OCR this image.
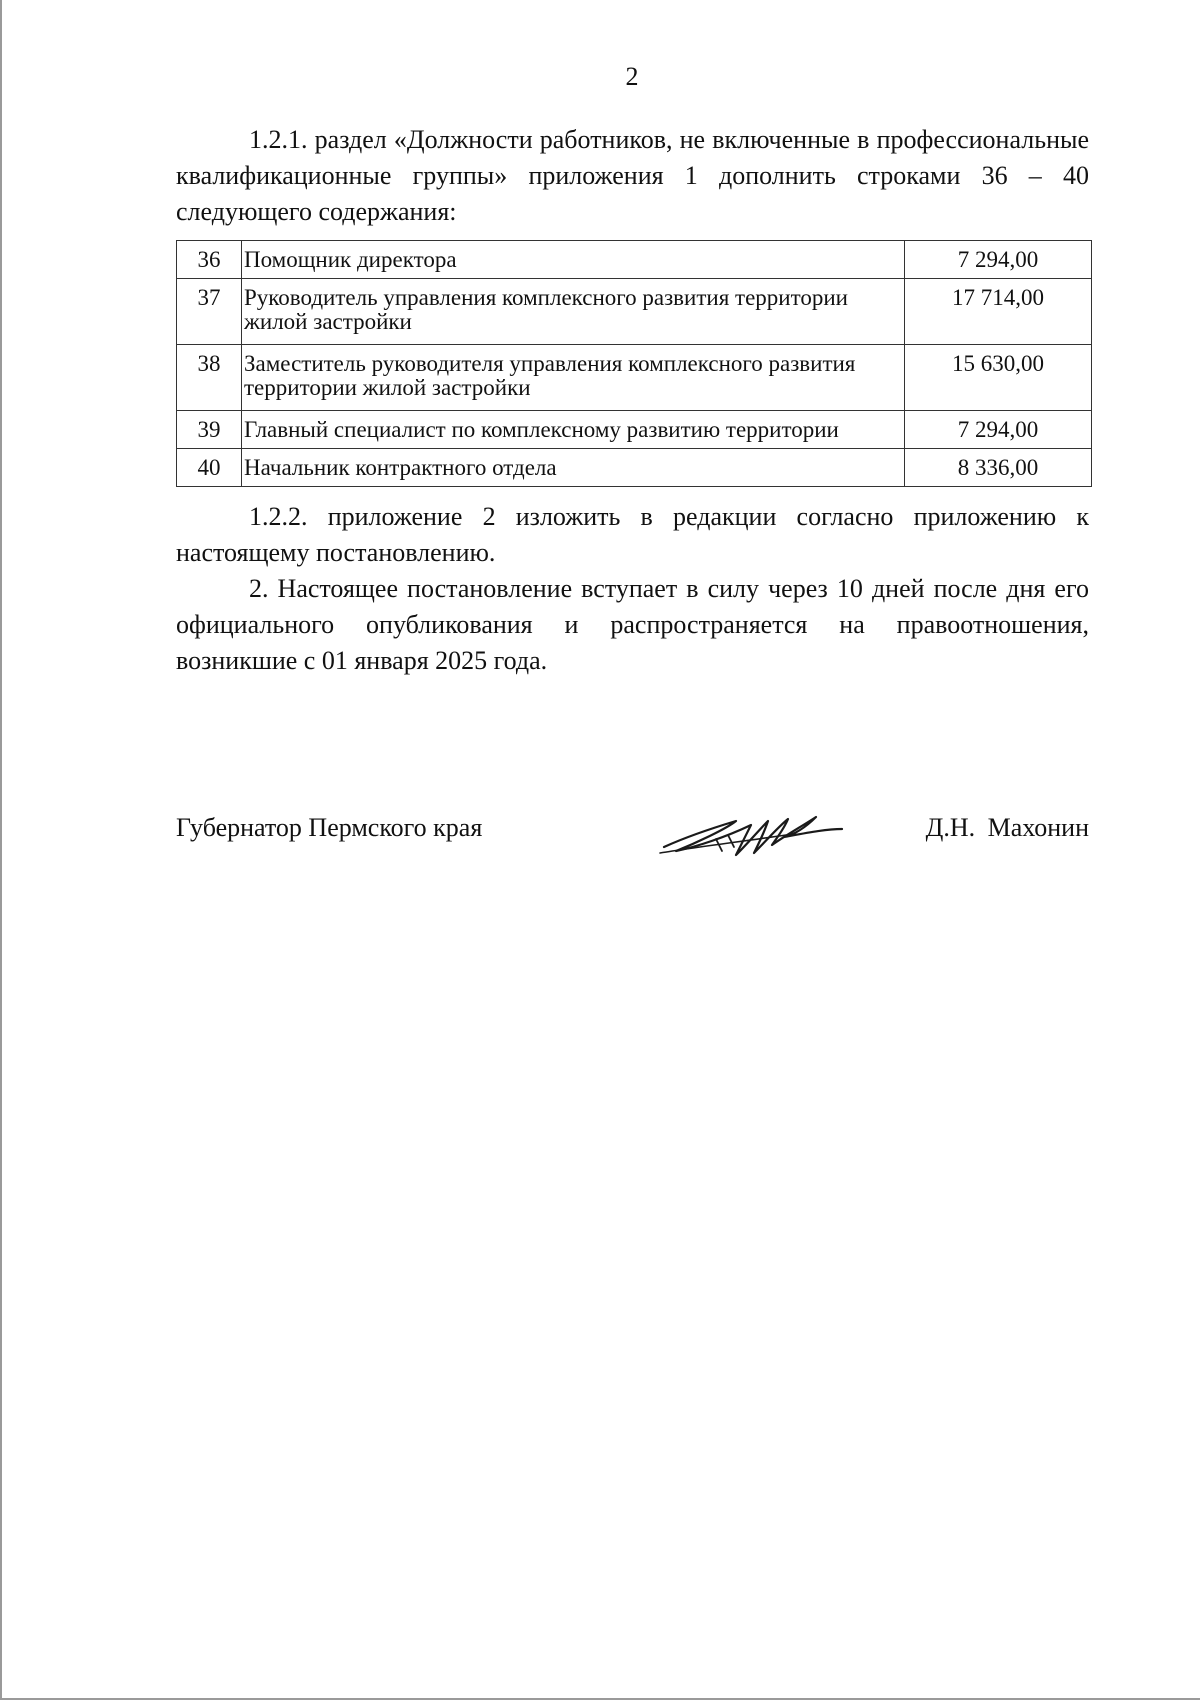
2

1.2.1. раздел «Должности работников, не включенные в профессиональные квалификационные группы» приложения 1 дополнить строками 36 – 40 следующего содержания:

36	Помощник директора	7 294,00
37	Руководитель управления комплексного развития территории жилой застройки	17 714,00
38	Заместитель руководителя управления комплексного развития территории жилой застройки	15 630,00
39	Главный специалист по комплексному развитию территории	7 294,00
40	Начальник контрактного отдела	8 336,00

1.2.2. приложение 2 изложить в редакции согласно приложению к настоящему постановлению.

2. Настоящее постановление вступает в силу через 10 дней после дня его официального опубликования и распространяется на правоотношения, возникшие с 01 января 2025 года.

Губернатор Пермского края	Д.Н. Махонин
